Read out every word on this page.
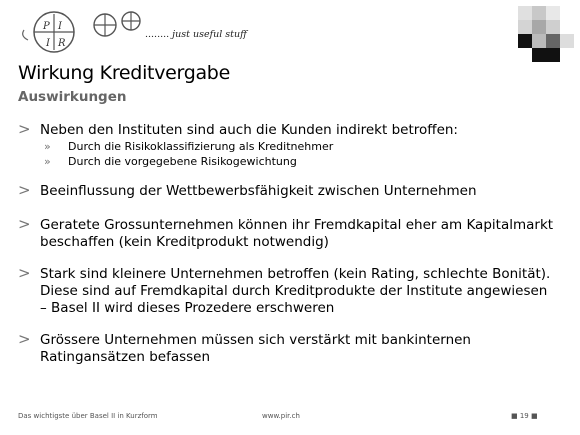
P I
I R
........ just useful stuff
Wirkung Kreditvergabe
Auswirkungen
> Neben den Instituten sind auch die Kunden indirekt betroffen:
» Durch die Risikoklassifizierung als Kreditnehmer
» Durch die vorgegebene Risikogewichtung
> Beeinflussung der Wettbewerbsfähigkeit zwischen Unternehmen
> Geratete Grossunternehmen können ihr Fremdkapital eher am Kapitalmarkt beschaffen (kein Kreditprodukt notwendig)
> Stark sind kleinere Unternehmen betroffen (kein Rating, schlechte Bonität). Diese sind auf Fremdkapital durch Kreditprodukte der Institute angewiesen – Basel II wird dieses Prozedere erschweren
> Grössere Unternehmen müssen sich verstärkt mit bankinternen Ratingansätzen befassen
Das wichtigste über Basel II in Kurzform	www.pir.ch	■ 19 ■
